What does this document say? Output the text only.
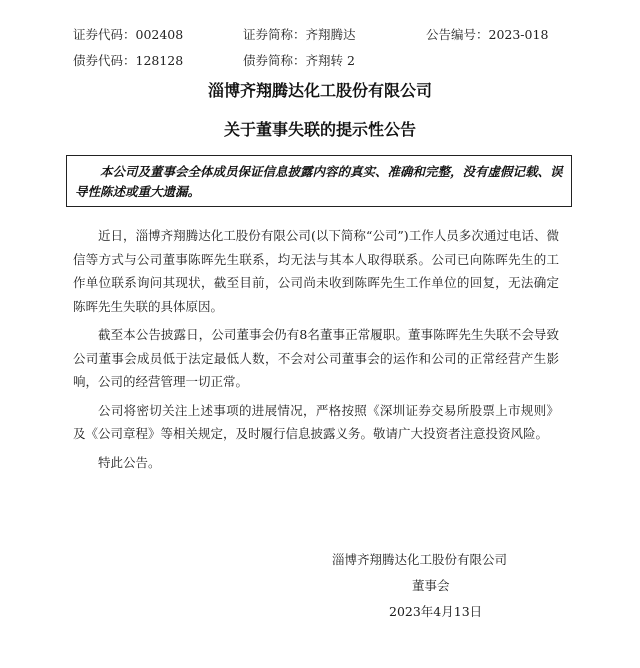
证券代码：002408	证券简称：齐翔腾达	公告编号：2023-018
债券代码：128128	债券简称：齐翔转 2
淄博齐翔腾达化工股份有限公司
关于董事失联的提示性公告

本公司及董事会全体成员保证信息披露内容的真实、准确和完整，没有虚假记载、误导性陈述或重大遗漏。

近日，淄博齐翔腾达化工股份有限公司(以下简称“公司”)工作人员多次通过电话、微信等方式与公司董事陈晖先生联系，均无法与其本人取得联系。公司已向陈晖先生的工作单位联系询问其现状，截至目前，公司尚未收到陈晖先生工作单位的回复，无法确定陈晖先生失联的具体原因。

截至本公告披露日，公司董事会仍有8名董事正常履职。董事陈晖先生失联不会导致公司董事会成员低于法定最低人数，不会对公司董事会的运作和公司的正常经营产生影响，公司的经营管理一切正常。

公司将密切关注上述事项的进展情况，严格按照《深圳证券交易所股票上市规则》及《公司章程》等相关规定，及时履行信息披露义务。敬请广大投资者注意投资风险。

特此公告。

淄博齐翔腾达化工股份有限公司
董事会
2023年4月13日
